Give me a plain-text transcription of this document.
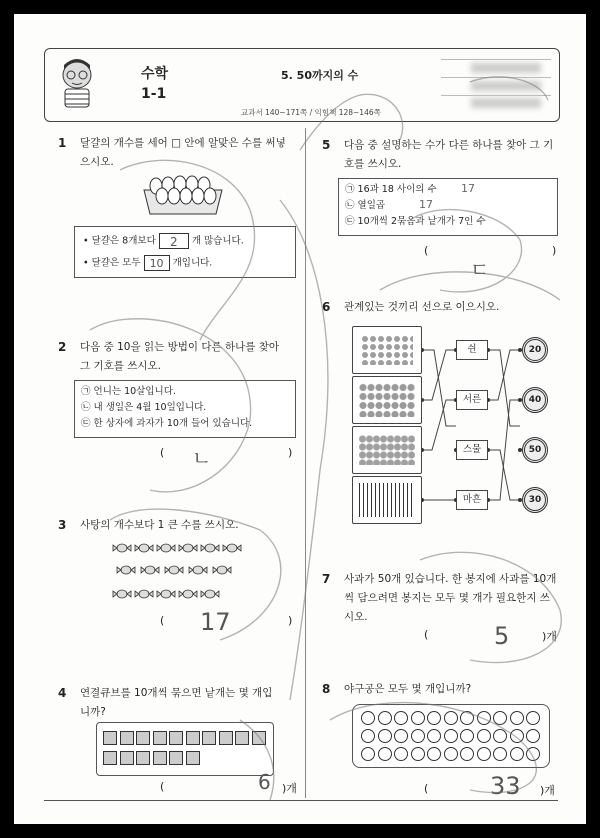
수학
1-1
5. 50까지의 수
교과서 140~171쪽 / 익힘책 128~146쪽
1 달걀의 개수를 세어 □ 안에 알맞은 수를 써넣
으시오.
• 달걀은 8개보다 2 개 많습니다.
• 달걀은 모두 10 개입니다.
2 다음 중 10을 읽는 방법이 다른 하나를 찾아
그 기호를 쓰시오.
㉠ 언니는 10살입니다.
㉡ 내 생일은 4월 10일입니다.
㉢ 한 상자에 과자가 10개 들어 있습니다.
( ㄴ	)
3 사탕의 개수보다 1 큰 수를 쓰시오.
( 17	)
4 연결큐브를 10개씩 묶으면 낱개는 몇 개입
니까?
(	6 )개
5 다음 중 설명하는 수가 다른 하나를 찾아 그 기
호를 쓰시오.
㉠ 16과 18 사이의 수
㉡ 열일곱
㉢ 10개씩 2묶음과 낱개가 7인 수
17
17
(
ㄷ
)
6 관계있는 것끼리 선으로 이으시오.
쉰
서른
스물
마흔
20
40
50
30
7 사과가 50개 있습니다. 한 봉지에 사과를 10개
씩 담으려면 봉지는 모두 몇 개가 필요한지 쓰
시오.
(	5	)개
8 야구공은 모두 몇 개입니까?
(	33 )개
